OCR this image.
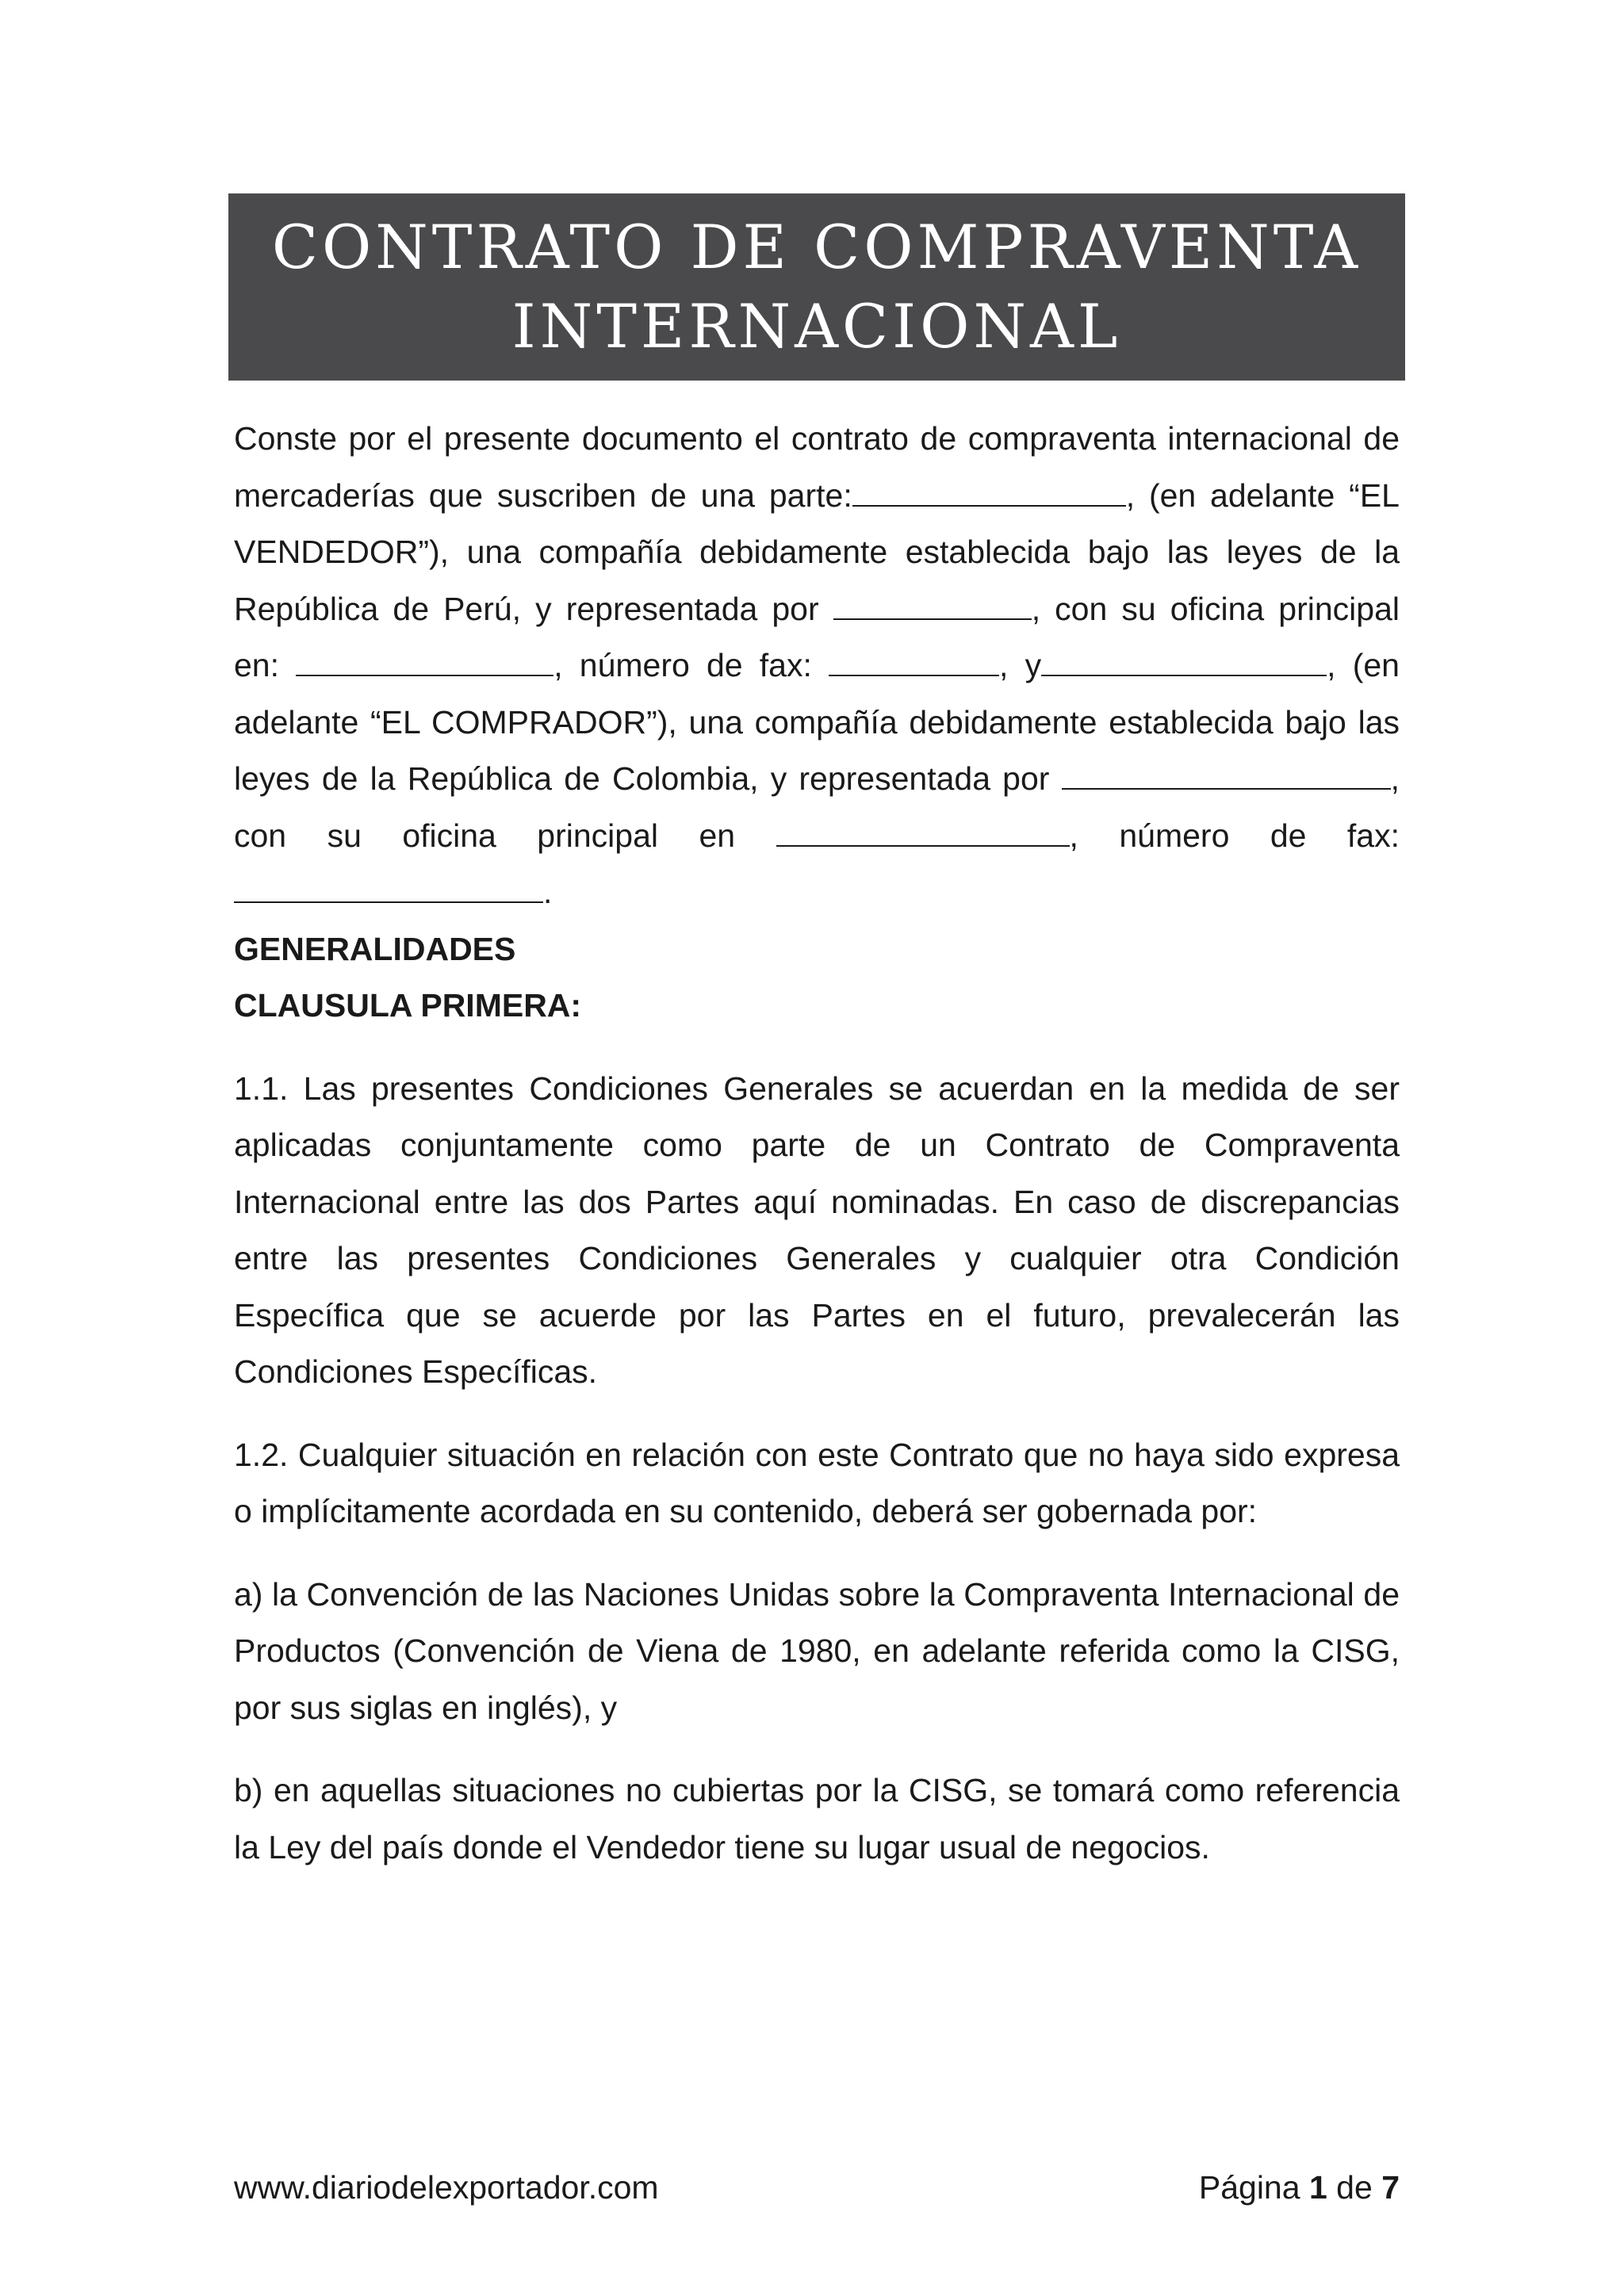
CONTRATO DE COMPRAVENTA
INTERNACIONAL

Conste por el presente documento el contrato de compraventa internacional de mercaderías que suscriben de una parte:	, (en adelante “EL VENDEDOR”), una compañía debidamente establecida bajo las leyes de la República de Perú, y representada por	, con su oficina principal en:	, número de fax:	, y	, (en adelante “EL COMPRADOR”), una compañía debidamente establecida bajo las leyes de la República de Colombia, y representada por	, con su oficina principal en	, número de fax: .

GENERALIDADES

CLAUSULA PRIMERA:

1.1. Las presentes Condiciones Generales se acuerdan en la medida de ser aplicadas conjuntamente como parte de un Contrato de Compraventa Internacional entre las dos Partes aquí nominadas. En caso de discrepancias entre las presentes Condiciones Generales y cualquier otra Condición Específica que se acuerde por las Partes en el futuro, prevalecerán las Condiciones Específicas.

1.2. Cualquier situación en relación con este Contrato que no haya sido expresa o implícitamente acordada en su contenido, deberá ser gobernada por:

a) la Convención de las Naciones Unidas sobre la Compraventa Internacional de Productos (Convención de Viena de 1980, en adelante referida como la CISG, por sus siglas en inglés), y

b) en aquellas situaciones no cubiertas por la CISG, se tomará como referencia la Ley del país donde el Vendedor tiene su lugar usual de negocios.

www.diariodelexportador.com	Página 1 de 7
